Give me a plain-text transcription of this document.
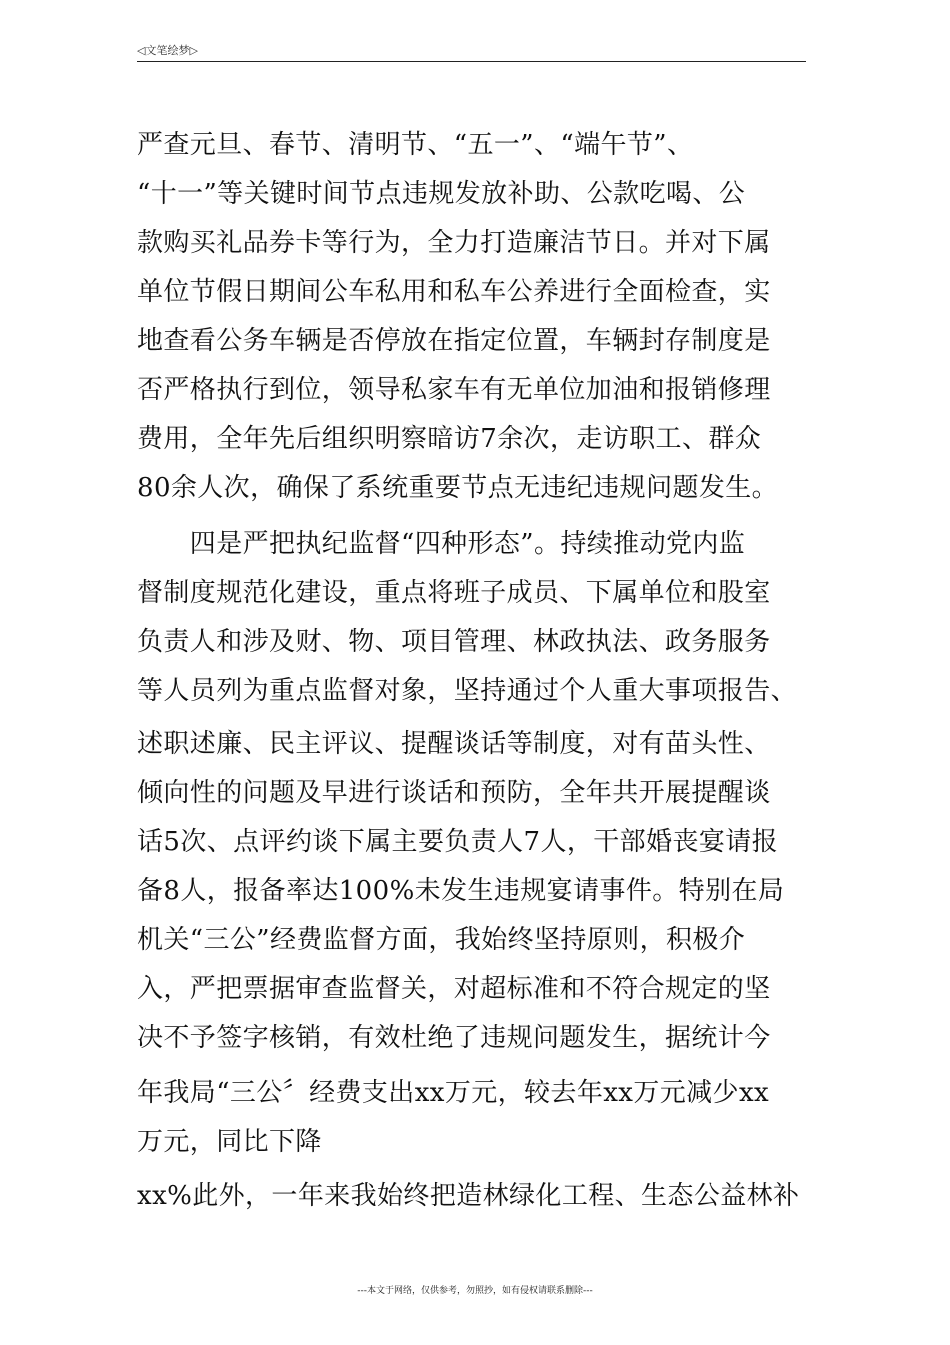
◁文笔绘梦▷
严查元旦、春节、清明节、“五一”、“端午节”、
“十一”等关键时间节点违规发放补助、公款吃喝、公
款购买礼品券卡等行为，全力打造廉洁节日。并对下属
单位节假日期间公车私用和私车公养进行全面检查，实
地查看公务车辆是否停放在指定位置，车辆封存制度是
否严格执行到位，领导私家车有无单位加油和报销修理
费用，全年先后组织明察暗访7余次，走访职工、群众
80余人次，确保了系统重要节点无违纪违规问题发生。
　　四是严把执纪监督“四种形态”。持续推动党内监
督制度规范化建设，重点将班子成员、下属单位和股室
负责人和涉及财、物、项目管理、林政执法、政务服务
等人员列为重点监督对象，坚持通过个人重大事项报告、
述职述廉、民主评议、提醒谈话等制度，对有苗头性、
倾向性的问题及早进行谈话和预防，全年共开展提醒谈
话5次、点评约谈下属主要负责人7人，干部婚丧宴请报
备8人，报备率达100%未发生违规宴请事件。特别在局
机关“三公”经费监督方面，我始终坚持原则，积极介
入，严把票据审查监督关，对超标准和不符合规定的坚
决不予签字核销，有效杜绝了违规问题发生，据统计今
年我局“三公〞经费支出xx万元，较去年xx万元减少xx
万元，同比下降
xx%此外，一年来我始终把造林绿化工程、生态公益林补
---本文于网络，仅供参考，勿照抄，如有侵权请联系删除---
